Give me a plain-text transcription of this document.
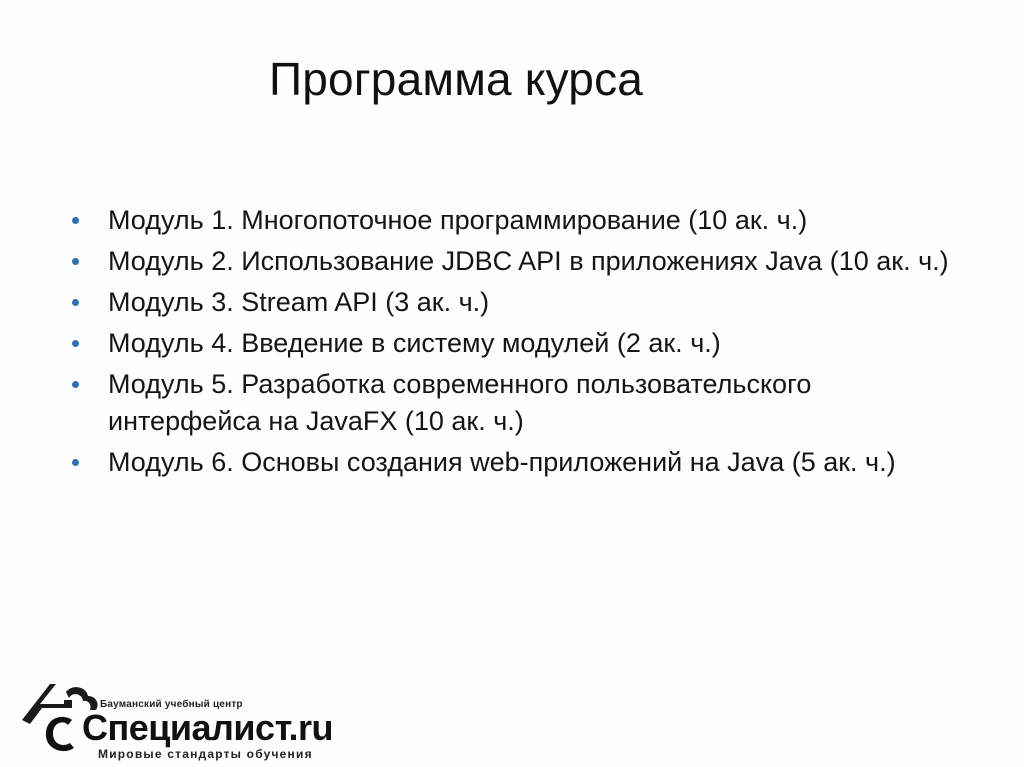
Программа курса
Модуль 1. Многопоточное программирование (10 ак. ч.)
Модуль 2. Использование JDBC API в приложениях Java (10 ак. ч.)
Модуль 3. Stream API (3 ак. ч.)
Модуль 4. Введение в систему модулей (2 ак. ч.)
Модуль 5. Разработка современного пользовательского интерфейса на JavaFX (10 ак. ч.)
Модуль 6. Основы создания web-приложений на Java (5 ак. ч.)
Бауманский учебный центр
Специалист.ru
Мировые стандарты обучения
